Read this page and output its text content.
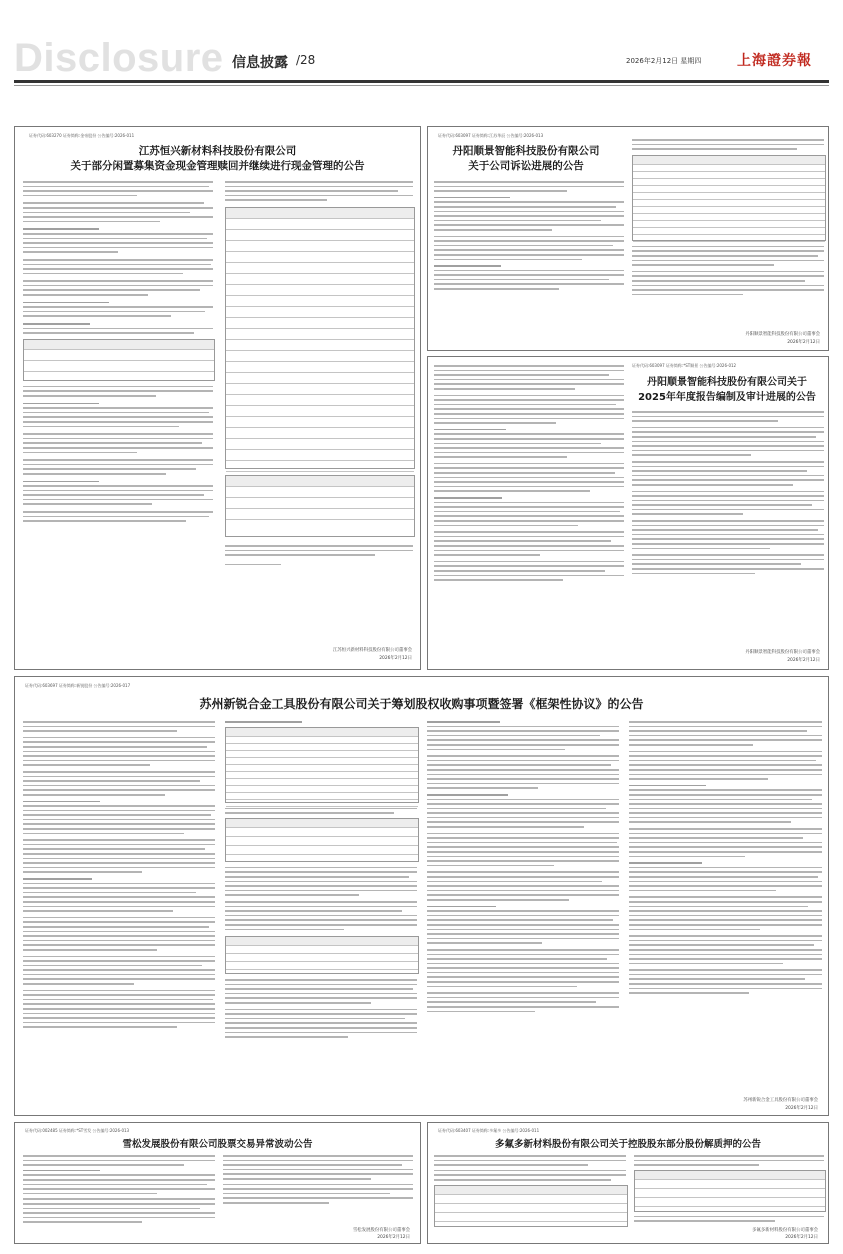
Disclosure 信息披露 /28	2026年2月12日 星期四	上海證券報
证券代码:603270 证券简称:金帝股份 公告编号:2026-011
江苏恒兴新材料科技股份有限公司
关于部分闲置募集资金现金管理赎回并继续进行现金管理的公告
江苏恒兴新材料科技股份有限公司董事会
2026年2月12日
证券代码:603097 证券简称:江苏华辰 公告编号:2026-013
丹阳顺景智能科技股份有限公司
关于公司诉讼进展的公告
丹阳顺景智能科技股份有限公司董事会
2026年2月12日
证券代码:603097 证券简称:*ST顺景 公告编号:2026-012
丹阳顺景智能科技股份有限公司关于
2025年年度报告编制及审计进展的公告
丹阳顺景智能科技股份有限公司董事会
2026年2月12日
证券代码:603697 证券简称:新锐股份 公告编号:2026-017
苏州新锐合金工具股份有限公司关于筹划股权收购事项暨签署《框架性协议》的公告
苏州新锐合金工具股份有限公司董事会
2026年2月12日
证券代码:002485 证券简称:*ST雪发 公告编号:2026-013
雪松发展股份有限公司股票交易异常波动公告
雪松发展股份有限公司董事会
2026年2月12日
证券代码:603407 证券简称:多氟多 公告编号:2026-011
多氟多新材料股份有限公司关于控股股东部分股份解质押的公告
多氟多新材料股份有限公司董事会
2026年2月12日
